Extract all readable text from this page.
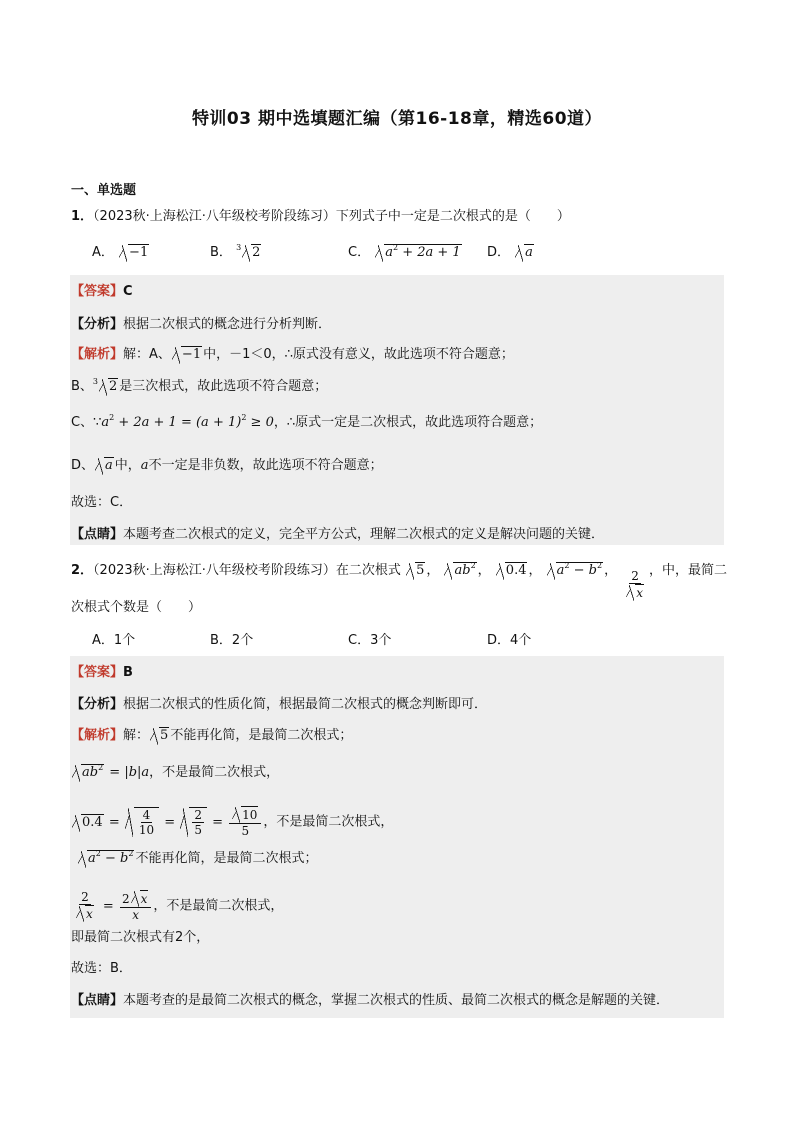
特训03 期中选填题汇编（第16-18章，精选60道）
一、单选题
1．（2023秋·上海松江·八年级校考阶段练习）下列式子中一定是二次根式的是（　　）
A． −1	B． $^3$ 2	C． $a^2 + 2a + 1$ D． a
【答案】C
【分析】根据二次根式的概念进行分析判断．
【解析】解：A、 −1 中，－1＜0，∴原式没有意义，故此选项不符合题意；
B、$^3$ 2 是三次根式，故此选项不符合题意；
C、$\because a^2 + 2a + 1 = (a + 1)^2 \ge 0$，∴原式一定是二次根式，故此选项符合题意；
D、 a 中，a不一定是非负数，故此选项不符合题意；
故选：C．
【点睛】本题考查二次根式的定义，完全平方公式，理解二次根式的定义是解决问题的关键．
2．（2023秋·上海松江·八年级校考阶段练习）在二次根式 5 ， $ab^2$ ， 0.4 ， $a^2 - b^2$ ， $\frac{2}{x}$ ，中，最简二
次根式个数是（　　）
A．1个	B．2个	C．3个	D．4个
【答案】B
【分析】根据二次根式的性质化简，根据最简二次根式的概念判断即可．
【解析】解： 5 不能再化简，是最简二次根式；
$ab^2 = |b|a$，不是最简二次根式，
$0.4 = \frac{4}{10} = \frac{2}{5} = \frac{10}{5}$ ，不是最简二次根式，
$a^2 - b^2$ 不能再化简，是最简二次根式；
$\frac{2}{x} = \frac{2 x}{x}$ ，不是最简二次根式，
即最简二次根式有2个，
故选：B．
【点睛】本题考查的是最简二次根式的概念，掌握二次根式的性质、最简二次根式的概念是解题的关键．
